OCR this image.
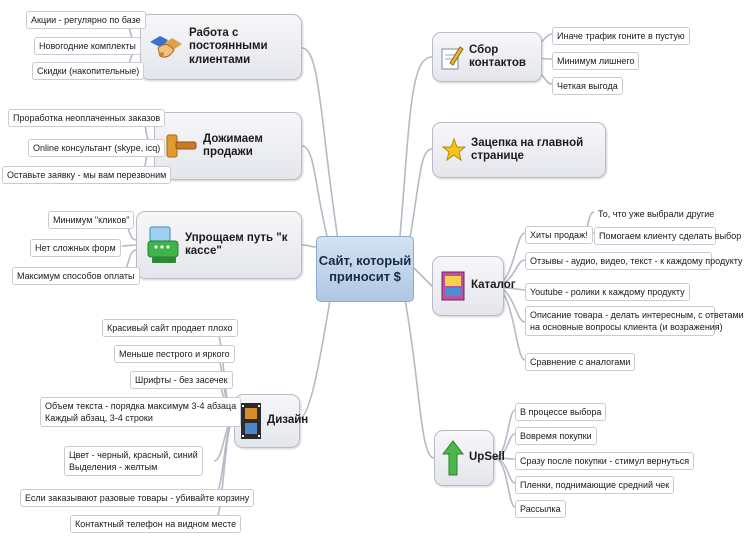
Сайт, который
приносит $
Работа с постоянными
клиентами
Акции - регулярно по базе
Новогодние комплекты
Скидки (накопительные)
Дожимаем продажи
Проработка неоплаченных заказов
Online консультант (skype, icq)
Оставьте заявку - мы вам перезвоним
Упрощаем путь "к кассе"
Минимум "кликов"
Нет сложных форм
Максимум способов оплаты
Дизайн
Красивый сайт продает плохо
Меньше пестрого и яркого
Шрифты - без засечек
Объем текста - порядка максимум 3-4 абзаца
Каждый абзац, 3-4 строки
Цвет - черный, красный, синий
Выделения - желтым
Если заказывают разовые товары - убивайте корзину
Контактный телефон на видном месте
Сбор контактов
Иначе трафик гоните в пустую
Минимум лишнего
Четкая выгода
Зацепка на главной странице
Каталог
Хиты продаж!
То, что уже выбрали другие
Помогаем клиенту сделать выбор
Отзывы - аудио, видео, текст - к каждому продукту
Youtube - ролики к каждому продукту
Описание товара - делать интересным, с ответами
на основные вопросы клиента (и возражения)
Сравнение с аналогами
UpSell
В процессе выбора
Вовремя покупки
Сразу после покупки - стимул вернуться
Пленки, поднимающие средний чек
Рассылка
